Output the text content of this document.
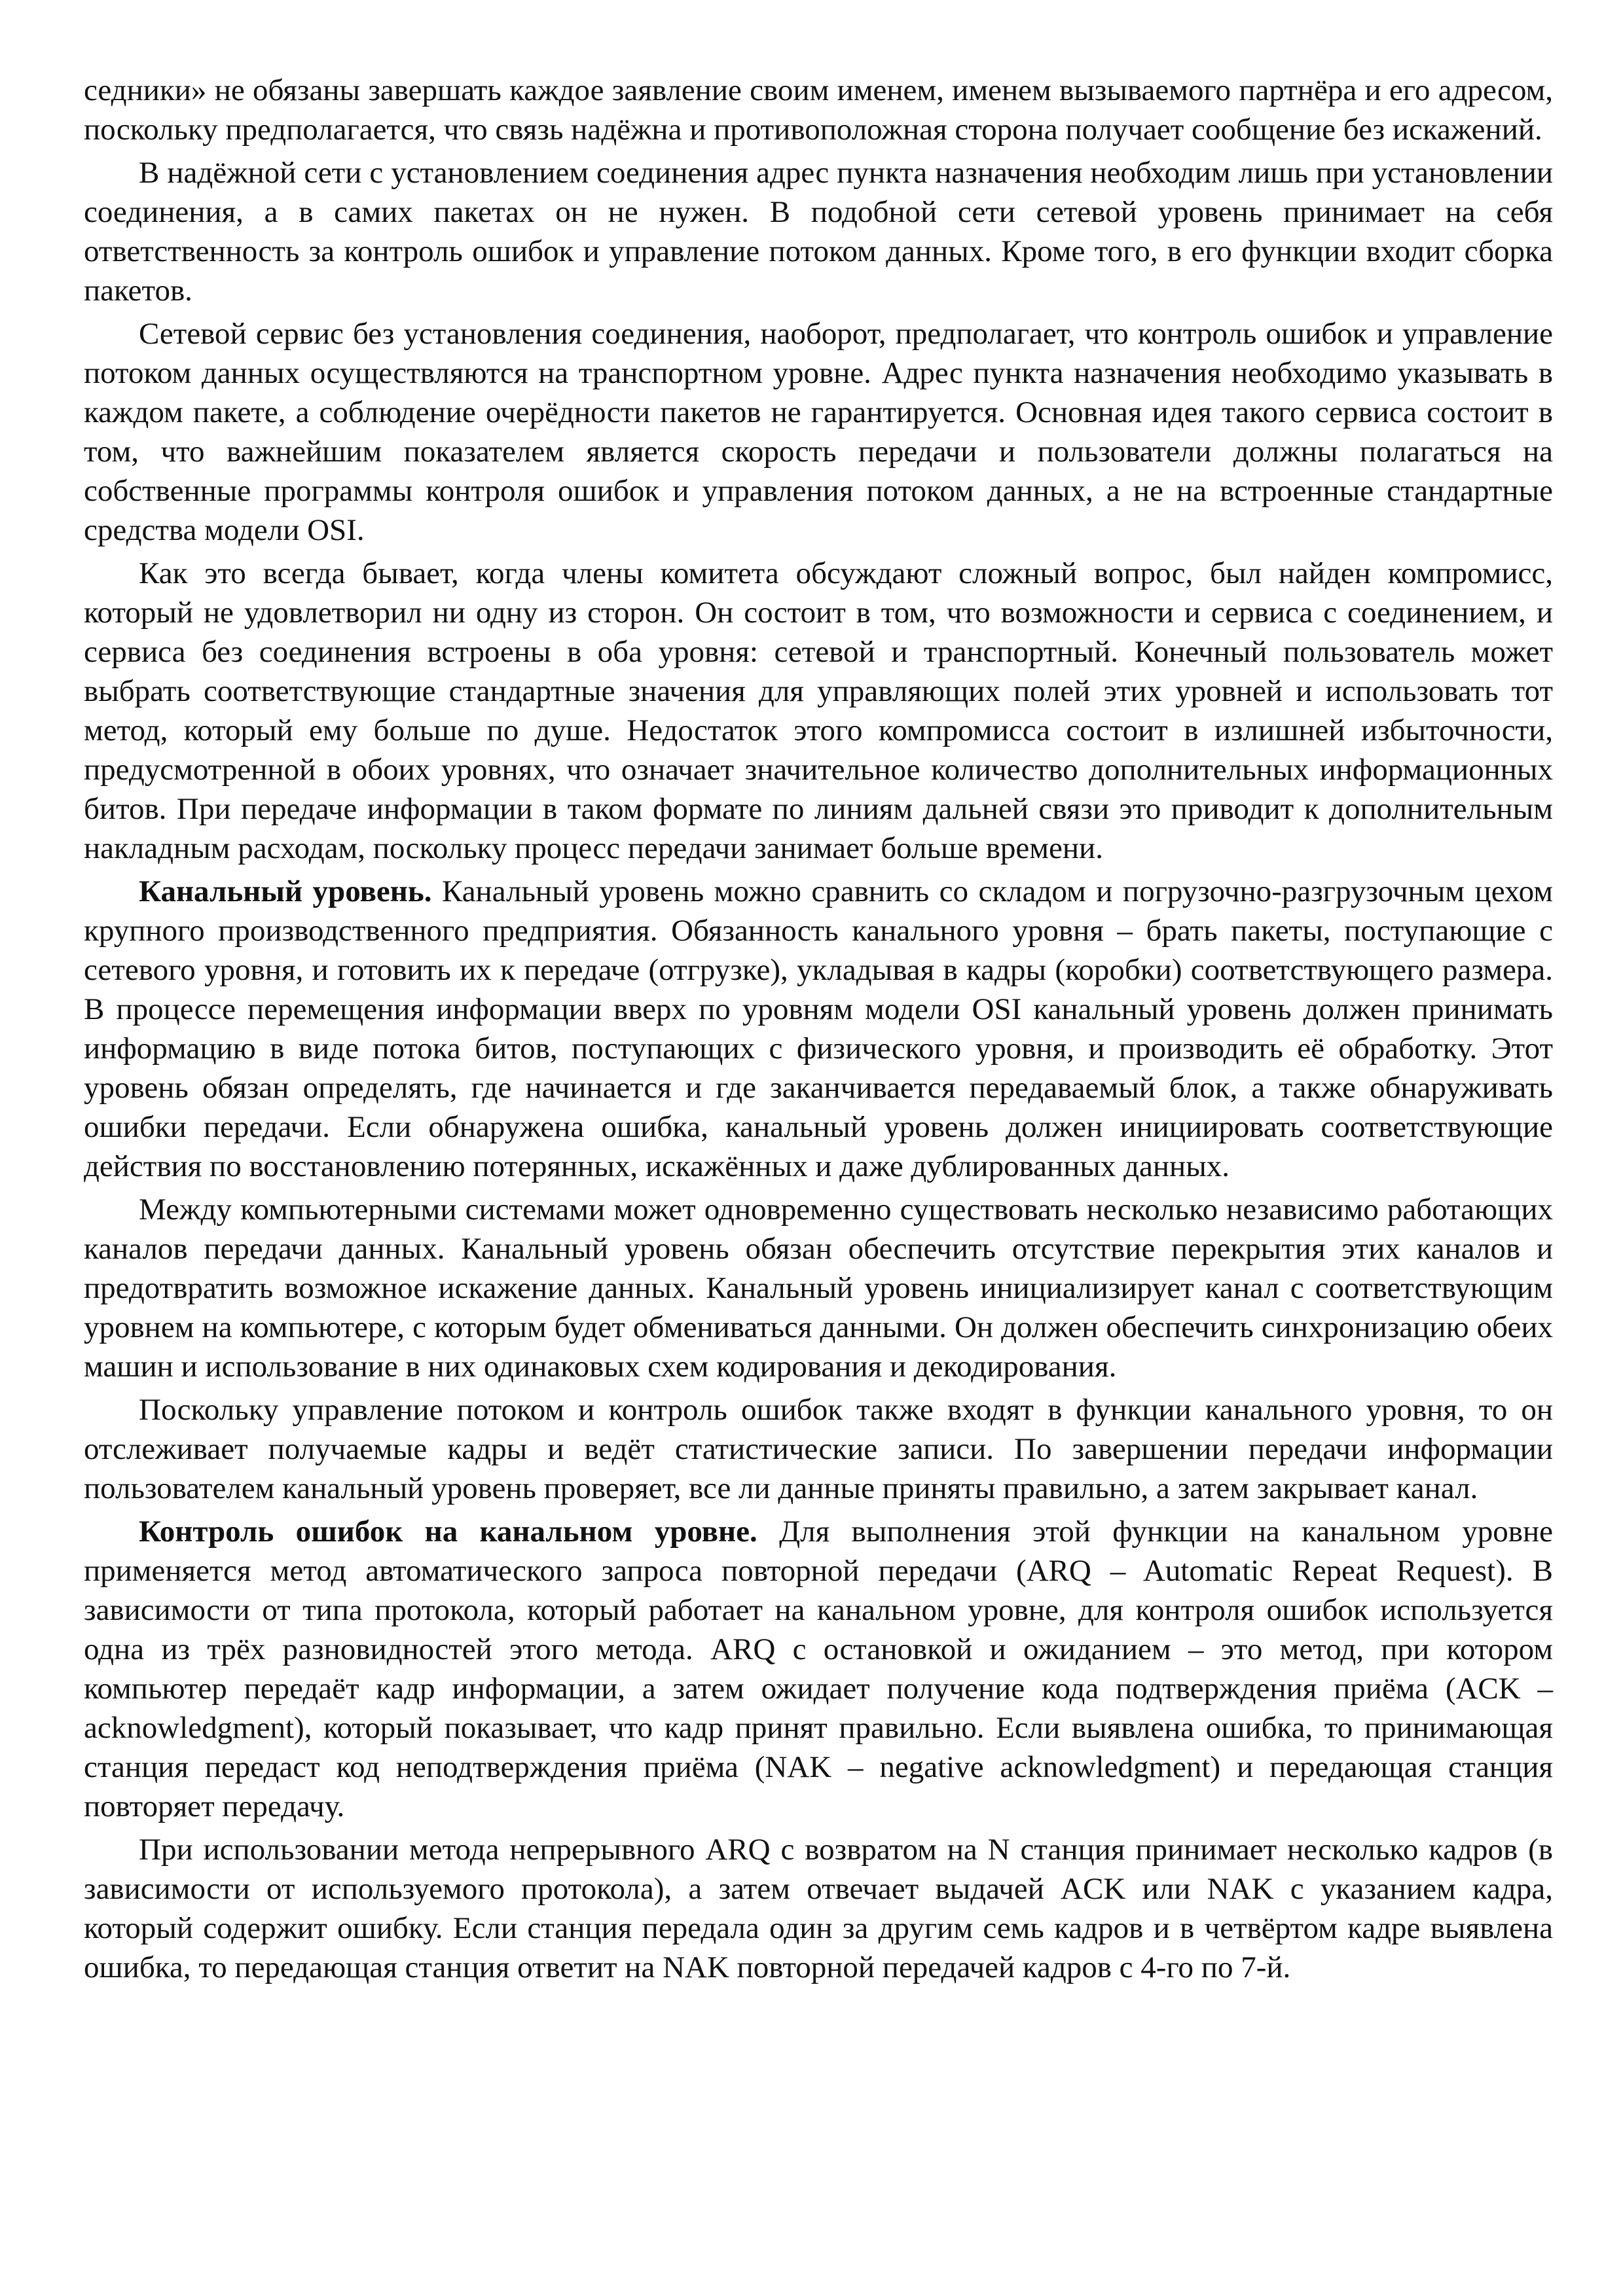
седники» не обязаны завершать каждое заявление своим именем, именем вызываемого партнёра и его адресом, поскольку предполагается, что связь надёжна и противоположная сторона получает сообщение без искажений.

В надёжной сети с установлением соединения адрес пункта назначения необходим лишь при установлении соединения, а в самих пакетах он не нужен. В подобной сети сетевой уровень принимает на себя ответственность за контроль ошибок и управление потоком данных. Кроме того, в его функции входит сборка пакетов.

Сетевой сервис без установления соединения, наоборот, предполагает, что контроль ошибок и управление потоком данных осуществляются на транспортном уровне. Адрес пункта назначения необходимо указывать в каждом пакете, а соблюдение очерёдности пакетов не гарантируется. Основная идея такого сервиса состоит в том, что важнейшим показателем является скорость передачи и пользователи должны полагаться на собственные программы контроля ошибок и управления потоком данных, а не на встроенные стандартные средства модели OSI.

Как это всегда бывает, когда члены комитета обсуждают сложный вопрос, был найден компромисс, который не удовлетворил ни одну из сторон. Он состоит в том, что возможности и сервиса с соединением, и сервиса без соединения встроены в оба уровня: сетевой и транспортный. Конечный пользователь может выбрать соответствующие стандартные значения для управляющих полей этих уровней и использовать тот метод, который ему больше по душе. Недостаток этого компромисса состоит в излишней избыточности, предусмотренной в обоих уровнях, что означает значительное количество дополнительных информационных битов. При передаче информации в таком формате по линиям дальней связи это приводит к дополнительным накладным расходам, поскольку процесс передачи занимает больше времени.

Канальный уровень. Канальный уровень можно сравнить со складом и погрузочно-разгрузочным цехом крупного производственного предприятия. Обязанность канального уровня – брать пакеты, поступающие с сетевого уровня, и готовить их к передаче (отгрузке), укладывая в кадры (коробки) соответствующего размера. В процессе перемещения информации вверх по уровням модели OSI канальный уровень должен принимать информацию в виде потока битов, поступающих с физического уровня, и производить её обработку. Этот уровень обязан определять, где начинается и где заканчивается передаваемый блок, а также обнаруживать ошибки передачи. Если обнаружена ошибка, канальный уровень должен инициировать соответствующие действия по восстановлению потерянных, искажённых и даже дублированных данных.

Между компьютерными системами может одновременно существовать несколько независимо работающих каналов передачи данных. Канальный уровень обязан обеспечить отсутствие перекрытия этих каналов и предотвратить возможное искажение данных. Канальный уровень инициализирует канал с соответствующим уровнем на компьютере, с которым будет обмениваться данными. Он должен обеспечить синхронизацию обеих машин и использование в них одинаковых схем кодирования и декодирования.

Поскольку управление потоком и контроль ошибок также входят в функции канального уровня, то он отслеживает получаемые кадры и ведёт статистические записи. По завершении передачи информации пользователем канальный уровень проверяет, все ли данные приняты правильно, а затем закрывает канал.

Контроль ошибок на канальном уровне. Для выполнения этой функции на канальном уровне применяется метод автоматического запроса повторной передачи (ARQ – Automatic Repeat Request). В зависимости от типа протокола, который работает на канальном уровне, для контроля ошибок используется одна из трёх разновидностей этого метода. ARQ с остановкой и ожиданием – это метод, при котором компьютер передаёт кадр информации, а затем ожидает получение кода подтверждения приёма (ACK – acknowledgment), который показывает, что кадр принят правильно. Если выявлена ошибка, то принимающая станция передаст код неподтверждения приёма (NAK – negative acknowledgment) и передающая станция повторяет передачу.

При использовании метода непрерывного ARQ с возвратом на N станция принимает несколько кадров (в зависимости от используемого протокола), а затем отвечает выдачей ACK или NAK с указанием кадра, который содержит ошибку. Если станция передала один за другим семь кадров и в четвёртом кадре выявлена ошибка, то передающая станция ответит на NAK повторной передачей кадров с 4-го по 7-й.
